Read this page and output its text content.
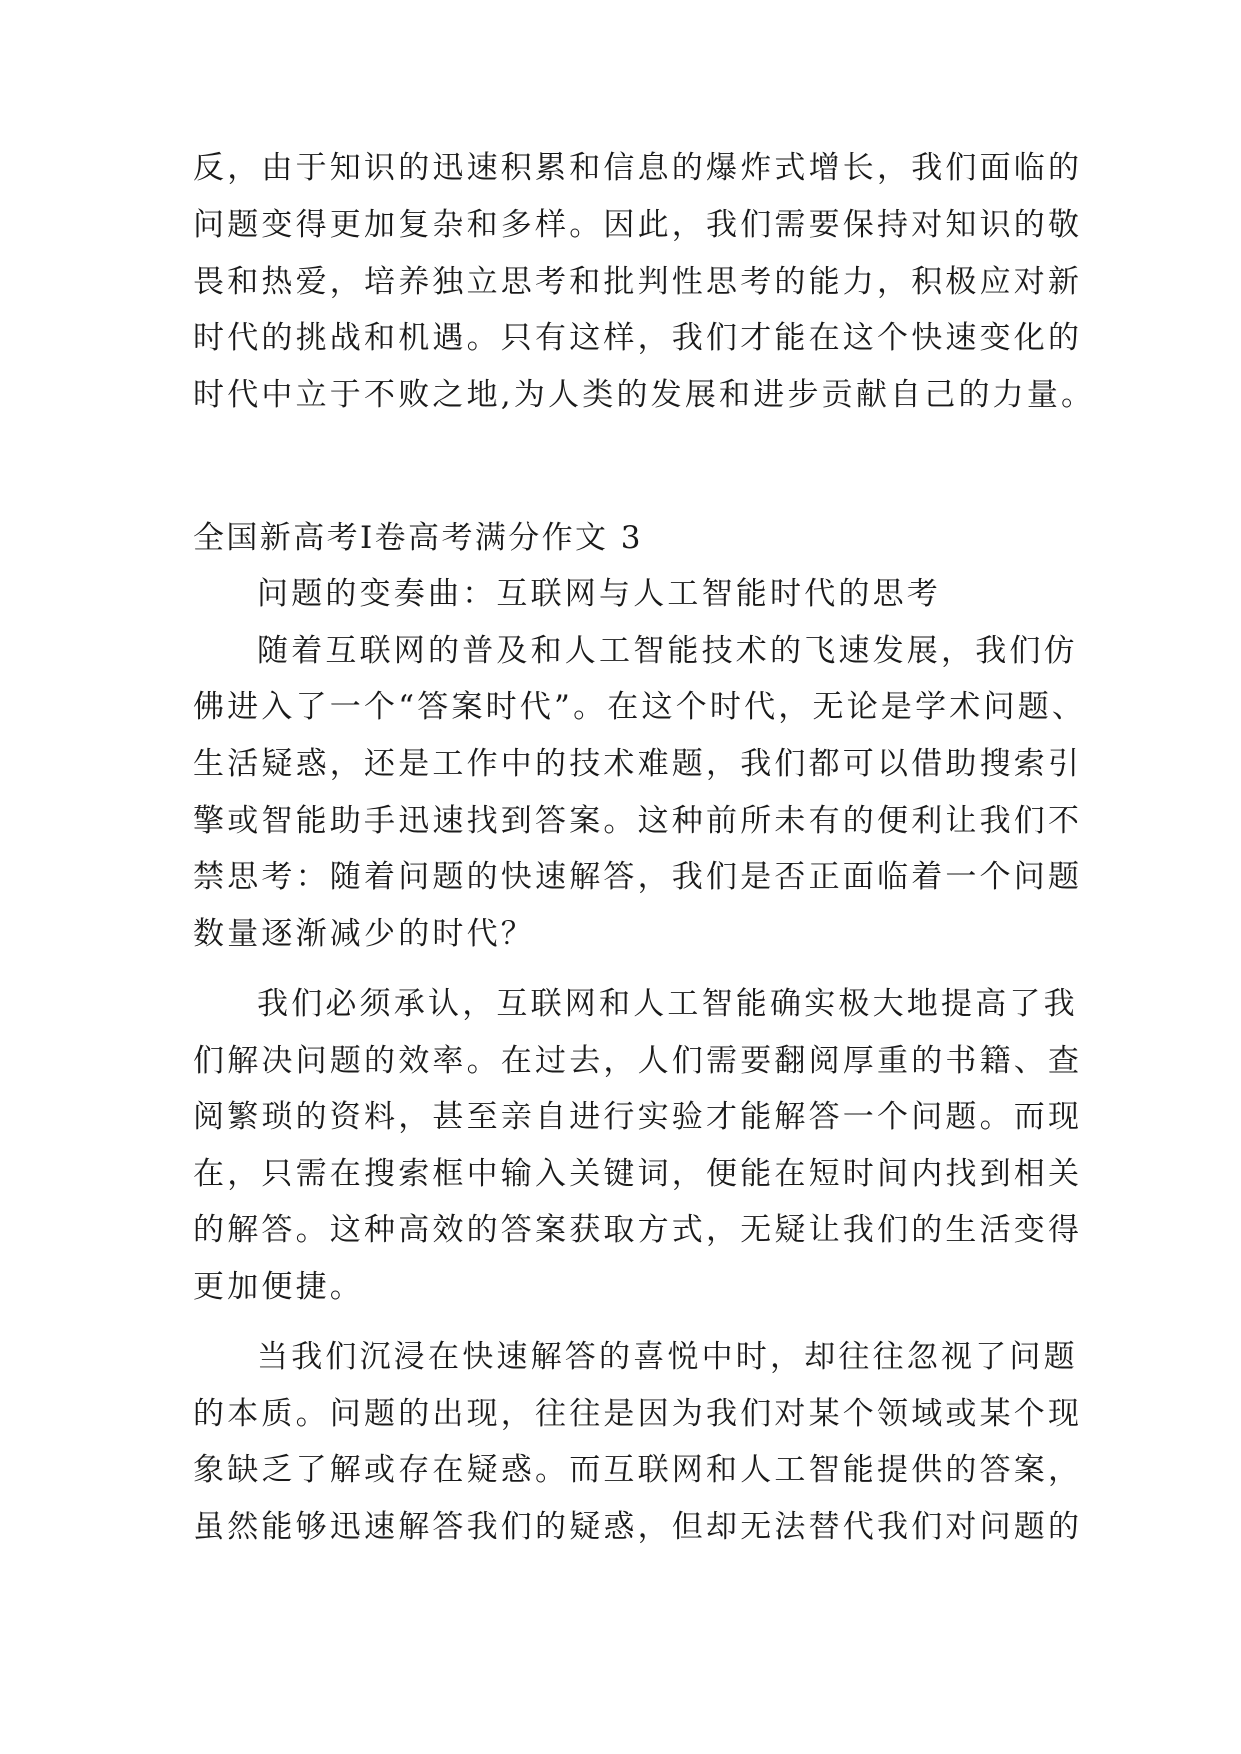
反，由于知识的迅速积累和信息的爆炸式增长，我们面临的
问题变得更加复杂和多样。因此，我们需要保持对知识的敬
畏和热爱，培养独立思考和批判性思考的能力，积极应对新
时代的挑战和机遇。只有这样，我们才能在这个快速变化的
时代中立于不败之地,为人类的发展和进步贡献自己的力量。
全国新高考Ⅰ卷高考满分作文 3
问题的变奏曲：互联网与人工智能时代的思考
随着互联网的普及和人工智能技术的飞速发展，我们仿
佛进入了一个“答案时代”。在这个时代，无论是学术问题、
生活疑惑，还是工作中的技术难题，我们都可以借助搜索引
擎或智能助手迅速找到答案。这种前所未有的便利让我们不
禁思考：随着问题的快速解答，我们是否正面临着一个问题
数量逐渐减少的时代？
我们必须承认，互联网和人工智能确实极大地提高了我
们解决问题的效率。在过去，人们需要翻阅厚重的书籍、查
阅繁琐的资料，甚至亲自进行实验才能解答一个问题。而现
在，只需在搜索框中输入关键词，便能在短时间内找到相关
的解答。这种高效的答案获取方式，无疑让我们的生活变得
更加便捷。
当我们沉浸在快速解答的喜悦中时，却往往忽视了问题
的本质。问题的出现，往往是因为我们对某个领域或某个现
象缺乏了解或存在疑惑。而互联网和人工智能提供的答案，
虽然能够迅速解答我们的疑惑，但却无法替代我们对问题的
